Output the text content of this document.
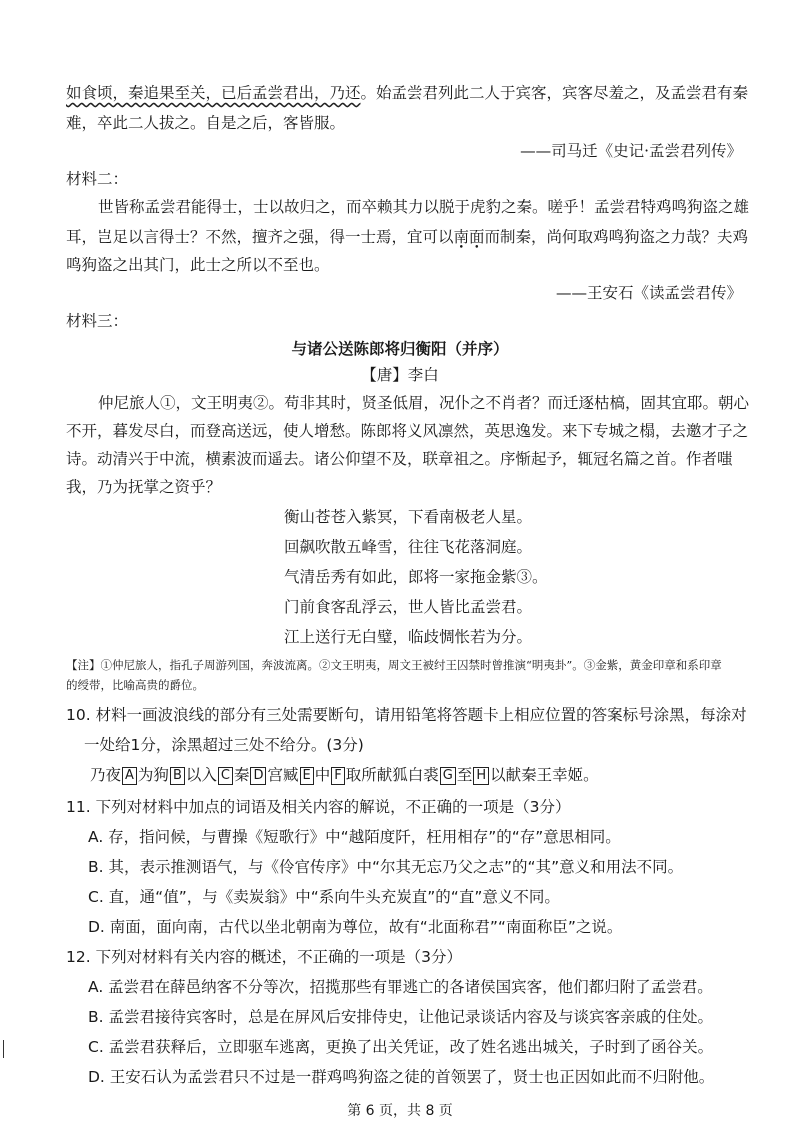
如食顷，秦追果至关，已后孟尝君出，乃还。始孟尝君列此二人于宾客，宾客尽羞之，及孟尝君有秦
难，卒此二人拔之。自是之后，客皆服。
——司马迁《史记·孟尝君列传》
材料二：
世皆称孟尝君能得士，士以故归之，而卒赖其力以脱于虎豹之秦。嗟乎！孟尝君特鸡鸣狗盗之雄
耳，岂足以言得士？不然，擅齐之强，得一士焉，宜可以南面而制秦，尚何取鸡鸣狗盗之力哉？夫鸡
鸣狗盗之出其门，此士之所以不至也。
——王安石《读孟尝君传》
材料三：
与诸公送陈郎将归衡阳（并序）
【唐】李白
仲尼旅人①，文王明夷②。苟非其时，贤圣低眉，况仆之不肖者？而迁逐枯槁，固其宜耶。朝心
不开，暮发尽白，而登高送远，使人增愁。陈郎将义风凛然，英思逸发。来下专城之榻，去邀才子之
诗。动清兴于中流，横素波而遥去。诸公仰望不及，联章祖之。序惭起予，辄冠名篇之首。作者嗤
我，乃为抚掌之资乎？
衡山苍苍入紫冥，下看南极老人星。
回飙吹散五峰雪，往往飞花落洞庭。
气清岳秀有如此，郎将一家拖金紫③。
门前食客乱浮云，世人皆比孟尝君。
江上送行无白璧，临歧惆怅若为分。
【注】①仲尼旅人，指孔子周游列国，奔波流离。②文王明夷，周文王被纣王囚禁时曾推演“明夷卦”。③金紫，黄金印章和系印章
的绶带，比喻高贵的爵位。
10. 材料一画波浪线的部分有三处需要断句，请用铅笔将答题卡上相应位置的答案标号涂黑，每涂对
一处给1分，涂黑超过三处不给分。(3分)
乃夜 A 为狗 B 以入 C 秦 D 宫臧 E 中 F 取所献狐白裘 G 至 H 以献秦王幸姬。
11. 下列对材料中加点的词语及相关内容的解说，不正确的一项是（3分）
A. 存，指问候，与曹操《短歌行》中“越陌度阡，枉用相存”的“存”意思相同。
B. 其，表示推测语气，与《伶官传序》中“尔其无忘乃父之志”的“其”意义和用法不同。
C. 直，通“值”，与《卖炭翁》中“系向牛头充炭直”的“直”意义不同。
D. 南面，面向南，古代以坐北朝南为尊位，故有“北面称君”“南面称臣”之说。
12. 下列对材料有关内容的概述，不正确的一项是（3分）
A. 孟尝君在薛邑纳客不分等次，招揽那些有罪逃亡的各诸侯国宾客，他们都归附了孟尝君。
B. 孟尝君接待宾客时，总是在屏风后安排侍史，让他记录谈话内容及与谈宾客亲戚的住处。
C. 孟尝君获释后，立即驱车逃离，更换了出关凭证，改了姓名逃出城关，子时到了函谷关。
D. 王安石认为孟尝君只不过是一群鸡鸣狗盗之徒的首领罢了，贤士也正因如此而不归附他。
第 6 页，共 8 页
